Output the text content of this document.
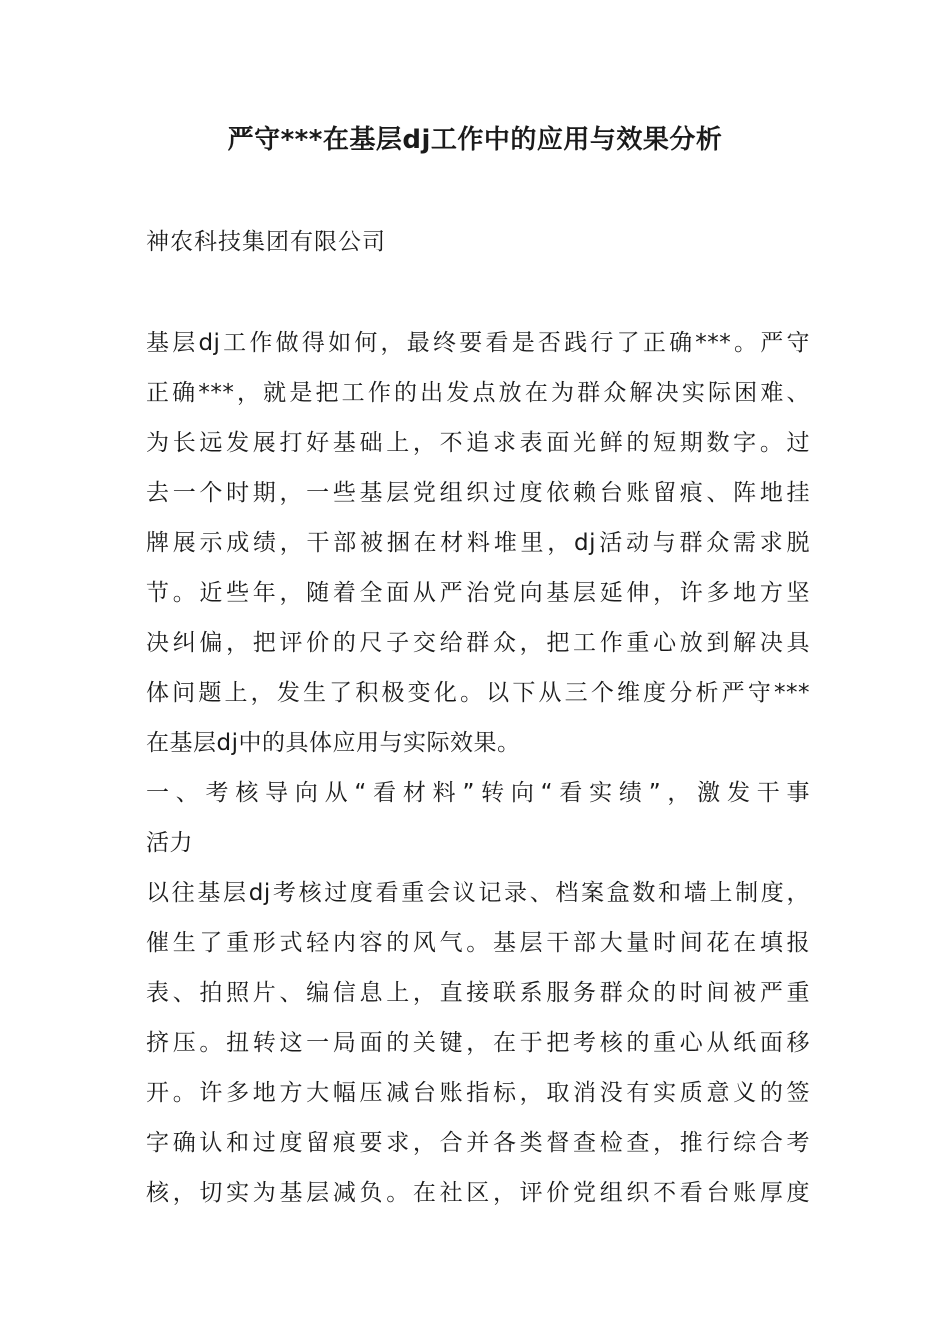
严守***在基层dj工作中的应用与效果分析
神农科技集团有限公司
基层dj工作做得如何，最终要看是否践行了正确***。严守
正确***，就是把工作的出发点放在为群众解决实际困难、
为长远发展打好基础上，不追求表面光鲜的短期数字。过
去一个时期，一些基层党组织过度依赖台账留痕、阵地挂
牌展示成绩，干部被捆在材料堆里，dj活动与群众需求脱
节。近些年，随着全面从严治党向基层延伸，许多地方坚
决纠偏，把评价的尺子交给群众，把工作重心放到解决具
体问题上，发生了积极变化。以下从三个维度分析严守***
在基层dj中的具体应用与实际效果。
一、考核导向从“看材料”转向“看实绩”，激发干事
活力
以往基层dj考核过度看重会议记录、档案盒数和墙上制度，
催生了重形式轻内容的风气。基层干部大量时间花在填报
表、拍照片、编信息上，直接联系服务群众的时间被严重
挤压。扭转这一局面的关键，在于把考核的重心从纸面移
开。许多地方大幅压减台账指标，取消没有实质意义的签
字确认和过度留痕要求，合并各类督查检查，推行综合考
核，切实为基层减负。在社区，评价党组织不看台账厚度
